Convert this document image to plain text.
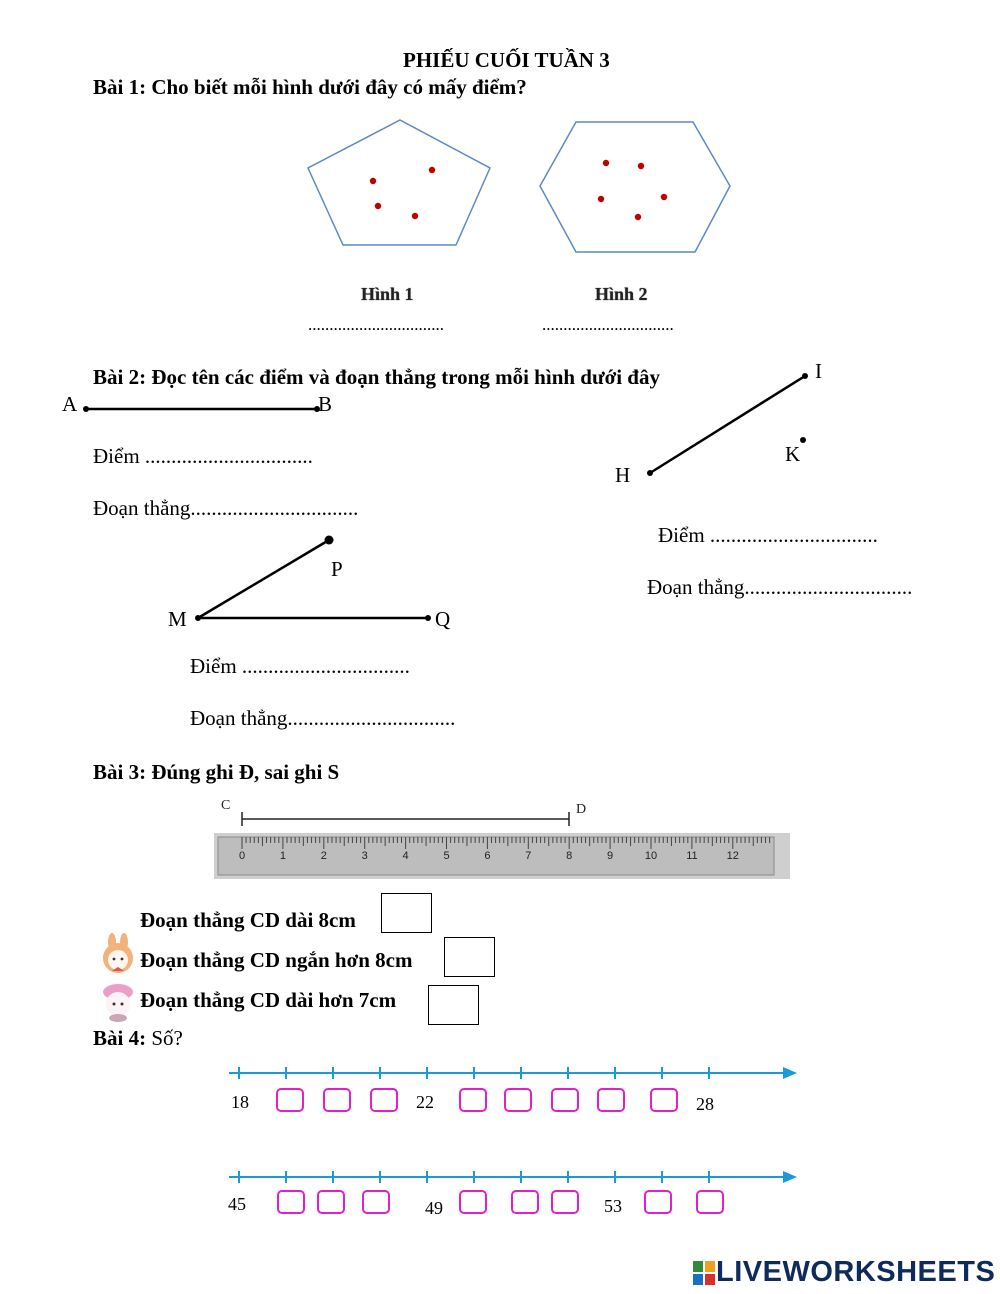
PHIẾU CUỐI TUẦN 3
Bài 1: Cho biết mỗi hình dưới đây có mấy điểm?
Hình 1	Hình 2
................................	...............................
Bài 2: Đọc tên các điểm và đoạn thẳng trong mỗi hình dưới đây
A	B
Điểm ................................
Đoạn thẳng................................
I
K
H
Điểm ................................
Đoạn thẳng................................
P
M	Q
Điểm ................................
Đoạn thẳng................................
Bài 3: Đúng ghi Đ, sai ghi S
C	D
0	1	2	3	4	5	6	7	8	9	10	11	12
Đoạn thẳng CD dài 8cm
Đoạn thẳng CD ngắn hơn 8cm
Đoạn thẳng CD dài hơn 7cm
Bài 4: Số?
18	22	28
45	49	53
LIVEWORKSHEETS
